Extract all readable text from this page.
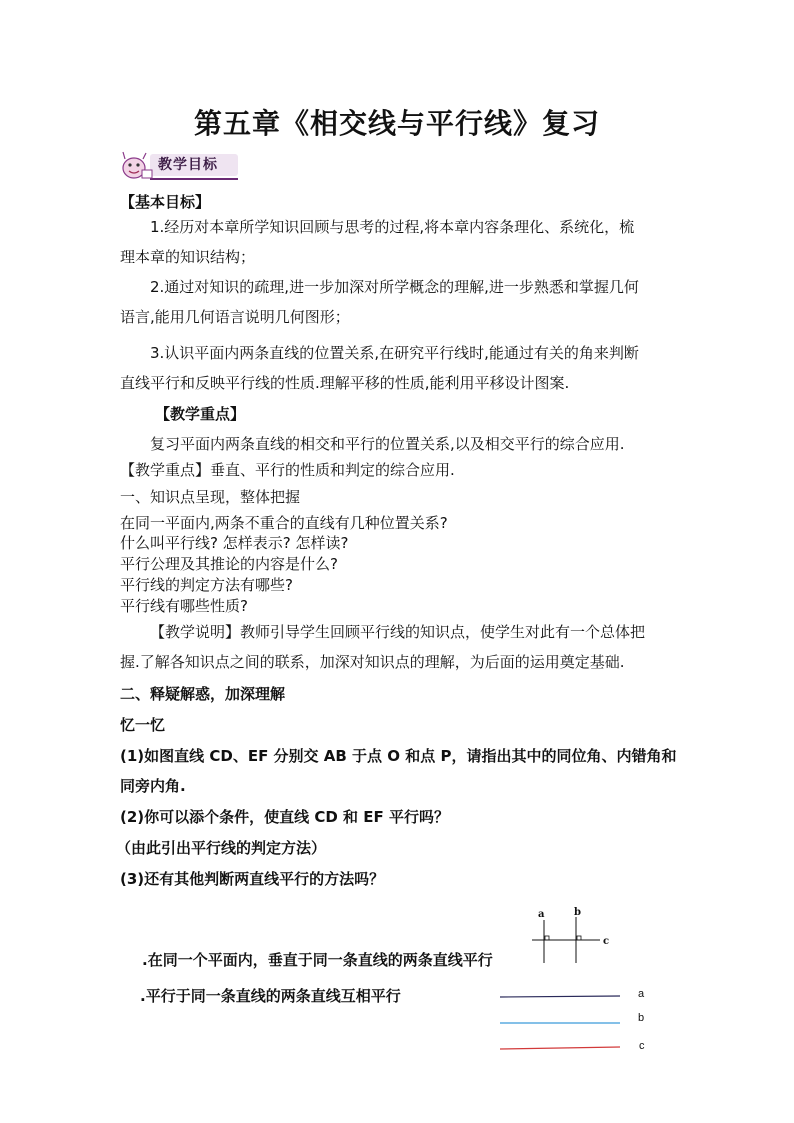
第五章《相交线与平行线》复习
教学目标
【基本目标】
1.经历对本章所学知识回顾与思考的过程,将本章内容条理化、系统化，梳
理本章的知识结构；
2.通过对知识的疏理,进一步加深对所学概念的理解,进一步熟悉和掌握几何
语言,能用几何语言说明几何图形；
3.认识平面内两条直线的位置关系,在研究平行线时,能通过有关的角来判断
直线平行和反映平行线的性质.理解平移的性质,能利用平移设计图案.
【教学重点】
复习平面内两条直线的相交和平行的位置关系,以及相交平行的综合应用.
【教学重点】垂直、平行的性质和判定的综合应用.
一、知识点呈现，整体把握
在同一平面内,两条不重合的直线有几种位置关系?
什么叫平行线? 怎样表示? 怎样读?
平行公理及其推论的内容是什么?
平行线的判定方法有哪些?
平行线有哪些性质?
【教学说明】教师引导学生回顾平行线的知识点，使学生对此有一个总体把
握.了解各知识点之间的联系，加深对知识点的理解，为后面的运用奠定基础.
二、释疑解惑，加深理解
忆一忆
(1)如图直线 CD、EF 分别交 AB 于点 O 和点 P，请指出其中的同位角、内错角和
同旁内角.
(2)你可以添个条件，使直线 CD 和 EF 平行吗？
（由此引出平行线的判定方法）
(3)还有其他判断两直线平行的方法吗？
.在同一个平面内，垂直于同一条直线的两条直线平行
.平行于同一条直线的两条直线互相平行
a	b
c
a
b
c
